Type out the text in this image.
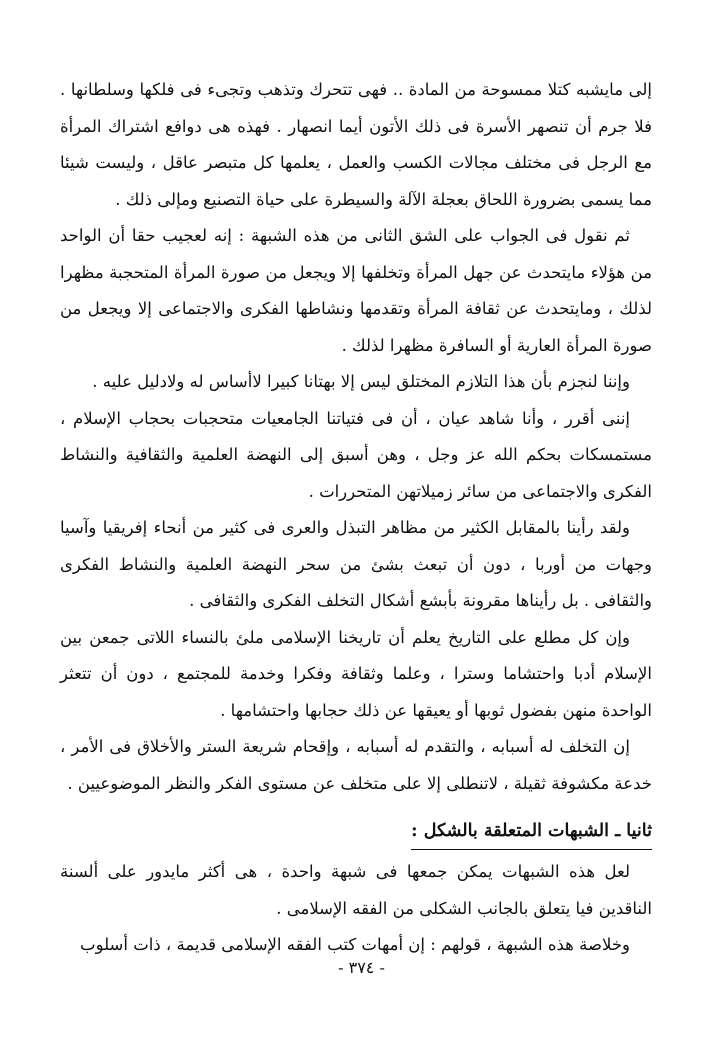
إلى مايشبه كتلا ممسوحة من المادة .. فهى تتحرك وتذهب وتجىء فى فلكها وسلطانها . فلا جرم أن تنصهر الأسرة فى ذلك الأتون أيما انصهار . فهذه هى دوافع اشتراك المرأة مع الرجل فى مختلف مجالات الكسب والعمل ، يعلمها كل متبصر عاقل ، وليست شيئا مما يسمى بضرورة اللحاق بعجلة الآلة والسيطرة على حياة التصنيع ومإلى ذلك .

ثم نقول فى الجواب على الشق الثانى من هذه الشبهة : إنه لعجيب حقا أن الواحد من هؤلاء مايتحدث عن جهل المرأة وتخلفها إلا ويجعل من صورة المرأة المتحجبة مظهرا لذلك ، ومايتحدث عن ثقافة المرأة وتقدمها ونشاطها الفكرى والاجتماعى إلا ويجعل من صورة المرأة العارية أو السافرة مظهرا لذلك .

وإننا لنجزم بأن هذا التلازم المختلق ليس إلا بهتانا كبيرا لاأساس له ولادليل عليه .

إننى أقرر ، وأنا شاهد عيان ، أن فى فتياتنا الجامعيات متحجبات بحجاب الإسلام ، مستمسكات بحكم الله عز وجل ، وهن أسبق إلى النهضة العلمية والثقافية والنشاط الفكرى والاجتماعى من سائر زميلاتهن المتحررات .

ولقد رأينا بالمقابل الكثير من مظاهر التبذل والعرى فى كثير من أنحاء إفريقيا وآسيا وجهات من أوربا ، دون أن تبعث بشئ من سحر النهضة العلمية والنشاط الفكرى والثقافى . بل رأيناها مقرونة بأبشع أشكال التخلف الفكرى والثقافى .

وإن كل مطلع على التاريخ يعلم أن تاريخنا الإسلامى ملئ بالنساء اللاتى جمعن بين الإسلام أدبا واحتشاما وسترا ، وعلما وثقافة وفكرا وخدمة للمجتمع ، دون أن تتعثر الواحدة منهن بفضول ثوبها أو يعيقها عن ذلك حجابها واحتشامها .

إن التخلف له أسبابه ، والتقدم له أسبابه ، وإقحام شريعة الستر والأخلاق فى الأمر ، خدعة مكشوفة ثقيلة ، لاتنطلى إلا على متخلف عن مستوى الفكر والنظر الموضوعيين .

ثانيا ـ الشبهات المتعلقة بالشكل :

لعل هذه الشبهات يمكن جمعها فى شبهة واحدة ، هى أكثر مايدور على ألسنة الناقدين فيا يتعلق بالجانب الشكلى من الفقه الإسلامى .

وخلاصة هذه الشبهة ، قولهم : إن أمهات كتب الفقه الإسلامى قديمة ، ذات أسلوب

- ٣٧٤ -
